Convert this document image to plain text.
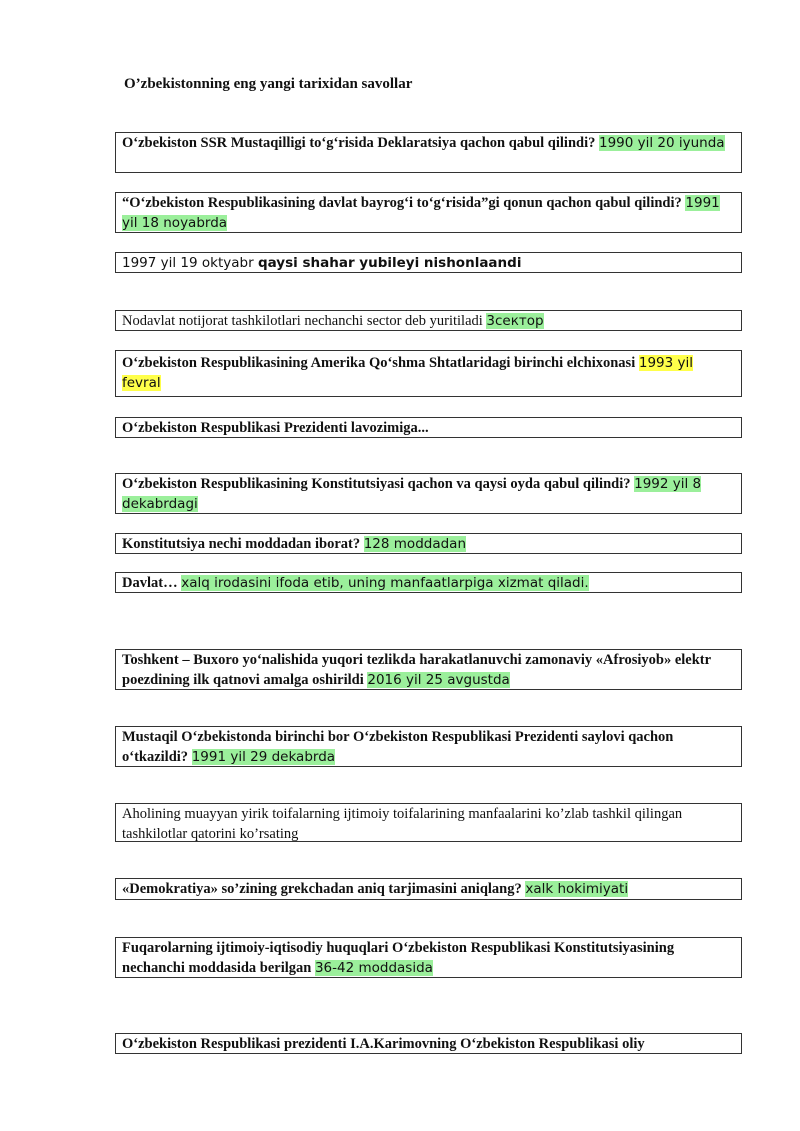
O’zbekistonning eng yangi tarixidan savollar
O‘zbekiston SSR Mustaqilligi to‘g‘risida Deklaratsiya qachon qabul qilindi? 1990 yil 20 iyunda
“O‘zbekiston Respublikasining davlat bayrog‘i to‘g‘risida”gi qonun qachon qabul qilindi? 1991 yil 18 noyabrda
1997 yil 19 oktyabr qaysi shahar yubileyi nishonlaandi
Nodavlat notijorat tashkilotlari nechanchi sector deb yuritiladi 3сектор
O‘zbekiston Respublikasining Amerika Qo‘shma Shtatlaridagi birinchi elchixonasi 1993 yil fevral
O‘zbekiston Respublikasi Prezidenti lavozimiga...
O‘zbekiston Respublikasining Konstitutsiyasi qachon va qaysi oyda qabul qilindi? 1992 yil 8 dekabrdagi
Konstitutsiya nechi moddadan iborat? 128 moddadan
Davlat… xalq irodasini ifoda etib, uning manfaatlarpiga xizmat qiladi.
Toshkent – Buxoro yo‘nalishida yuqori tezlikda harakatlanuvchi zamonaviy «Afrosiyob» elektr poezdining ilk qatnovi amalga oshirildi 2016 yil 25 avgustda
Mustaqil O‘zbekistonda birinchi bor O‘zbekiston Respublikasi Prezidenti saylovi qachon o‘tkazildi? 1991 yil 29 dekabrda
Aholining muayyan yirik toifalarning ijtimoiy toifalarining manfaalarini ko’zlab tashkil qilingan tashkilotlar qatorini ko’rsating
«Demokratiya» so’zining grekchadan aniq tarjimasini aniqlang? xalk hokimiyati
Fuqarolarning ijtimoiy-iqtisodiy huquqlari O‘zbekiston Respublikasi Konstitutsiyasining nechanchi moddasida berilgan 36-42 moddasida
O‘zbekiston Respublikasi prezidenti I.A.Karimovning O‘zbekiston Respublikasi oliy
